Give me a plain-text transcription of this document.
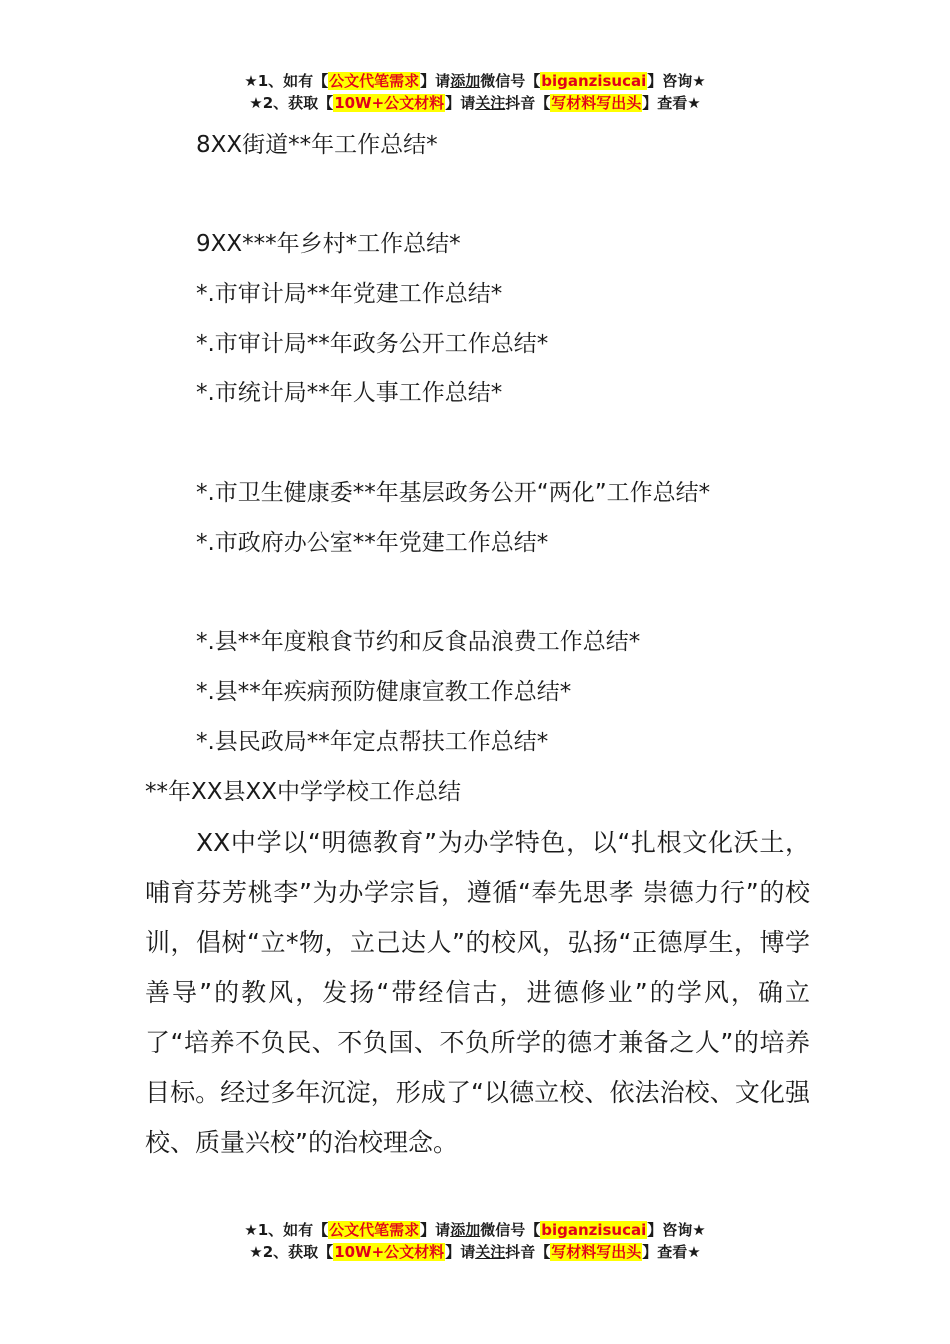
★1、如有【公文代笔需求】请添加微信号【biganzisucai】咨询★
★2、获取【10W+公文材料】请关注抖音【写材料写出头】查看★
8XX街道**年工作总结*
9XX***年乡村*工作总结*
*.市审计局**年党建工作总结*
*.市审计局**年政务公开工作总结*
*.市统计局**年人事工作总结*
*.市卫生健康委**年基层政务公开“两化”工作总结*
*.市政府办公室**年党建工作总结*
*.县**年度粮食节约和反食品浪费工作总结*
*.县**年疾病预防健康宣教工作总结*
*.县民政局**年定点帮扶工作总结*
**年XX县XX中学学校工作总结
XX中学以“明德教育”为办学特色，以“扎根文化沃土，哺育芬芳桃李”为办学宗旨，遵循“奉先思孝 崇德力行”的校训，倡树“立*物，立己达人”的校风，弘扬“正德厚生，博学善导”的教风，发扬“带经信古，进德修业”的学风，确立了“培养不负民、不负国、不负所学的德才兼备之人”的培养目标。经过多年沉淀，形成了“以德立校、依法治校、文化强校、质量兴校”的治校理念。
★1、如有【公文代笔需求】请添加微信号【biganzisucai】咨询★
★2、获取【10W+公文材料】请关注抖音【写材料写出头】查看★
